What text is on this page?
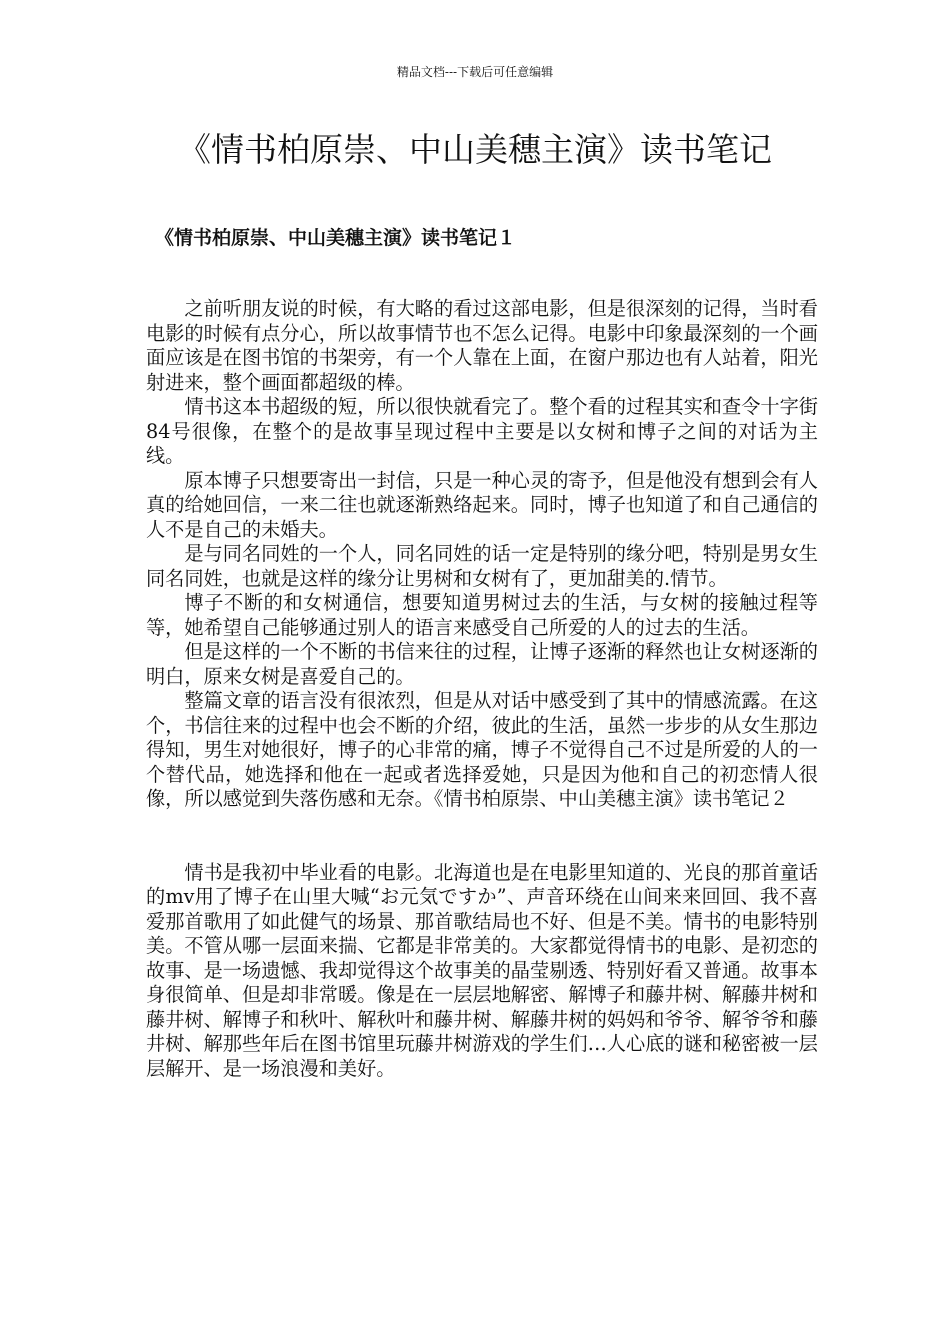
精品文档---下载后可任意编辑
《情书柏原崇、中山美穗主演》读书笔记
《情书柏原崇、中山美穗主演》读书笔记１

之前听朋友说的时候，有大略的看过这部电影，但是很深刻的记得，当时看电影的时候有点分心，所以故事情节也不怎么记得。电影中印象最深刻的一个画面应该是在图书馆的书架旁，有一个人靠在上面，在窗户那边也有人站着，阳光射进来，整个画面都超级的棒。

情书这本书超级的短，所以很快就看完了。整个看的过程其实和查令十字街84号很像，在整个的是故事呈现过程中主要是以女树和博子之间的对话为主线。

原本博子只想要寄出一封信，只是一种心灵的寄予，但是他没有想到会有人真的给她回信，一来二往也就逐渐熟络起来。同时，博子也知道了和自己通信的人不是自己的未婚夫。

是与同名同姓的一个人，同名同姓的话一定是特别的缘分吧，特别是男女生同名同姓，也就是这样的缘分让男树和女树有了，更加甜美的.情节。

博子不断的和女树通信，想要知道男树过去的生活，与女树的接触过程等等，她希望自己能够通过别人的语言来感受自己所爱的人的过去的生活。

但是这样的一个不断的书信来往的过程，让博子逐渐的释然也让女树逐渐的明白，原来女树是喜爱自己的。

整篇文章的语言没有很浓烈，但是从对话中感受到了其中的情感流露。在这个，书信往来的过程中也会不断的介绍，彼此的生活，虽然一步步的从女生那边得知，男生对她很好，博子的心非常的痛，博子不觉得自己不过是所爱的人的一个替代品，她选择和他在一起或者选择爱她，只是因为他和自己的初恋情人很像，所以感觉到失落伤感和无奈。《情书柏原崇、中山美穗主演》读书笔记２

情书是我初中毕业看的电影。北海道也是在电影里知道的、光良的那首童话的mv用了博子在山里大喊“お元気ですか”、声音环绕在山间来来回回、我不喜爱那首歌用了如此健气的场景、那首歌结局也不好、但是不美。情书的电影特别美。不管从哪一层面来揣、它都是非常美的。大家都觉得情书的电影、是初恋的故事、是一场遗憾、我却觉得这个故事美的晶莹剔透、特别好看又普通。故事本身很简单、但是却非常暖。像是在一层层地解密、解博子和藤井树、解藤井树和藤井树、解博子和秋叶、解秋叶和藤井树、解藤井树的妈妈和爷爷、解爷爷和藤井树、解那些年后在图书馆里玩藤井树游戏的学生们…人心底的谜和秘密被一层层解开、是一场浪漫和美好。
